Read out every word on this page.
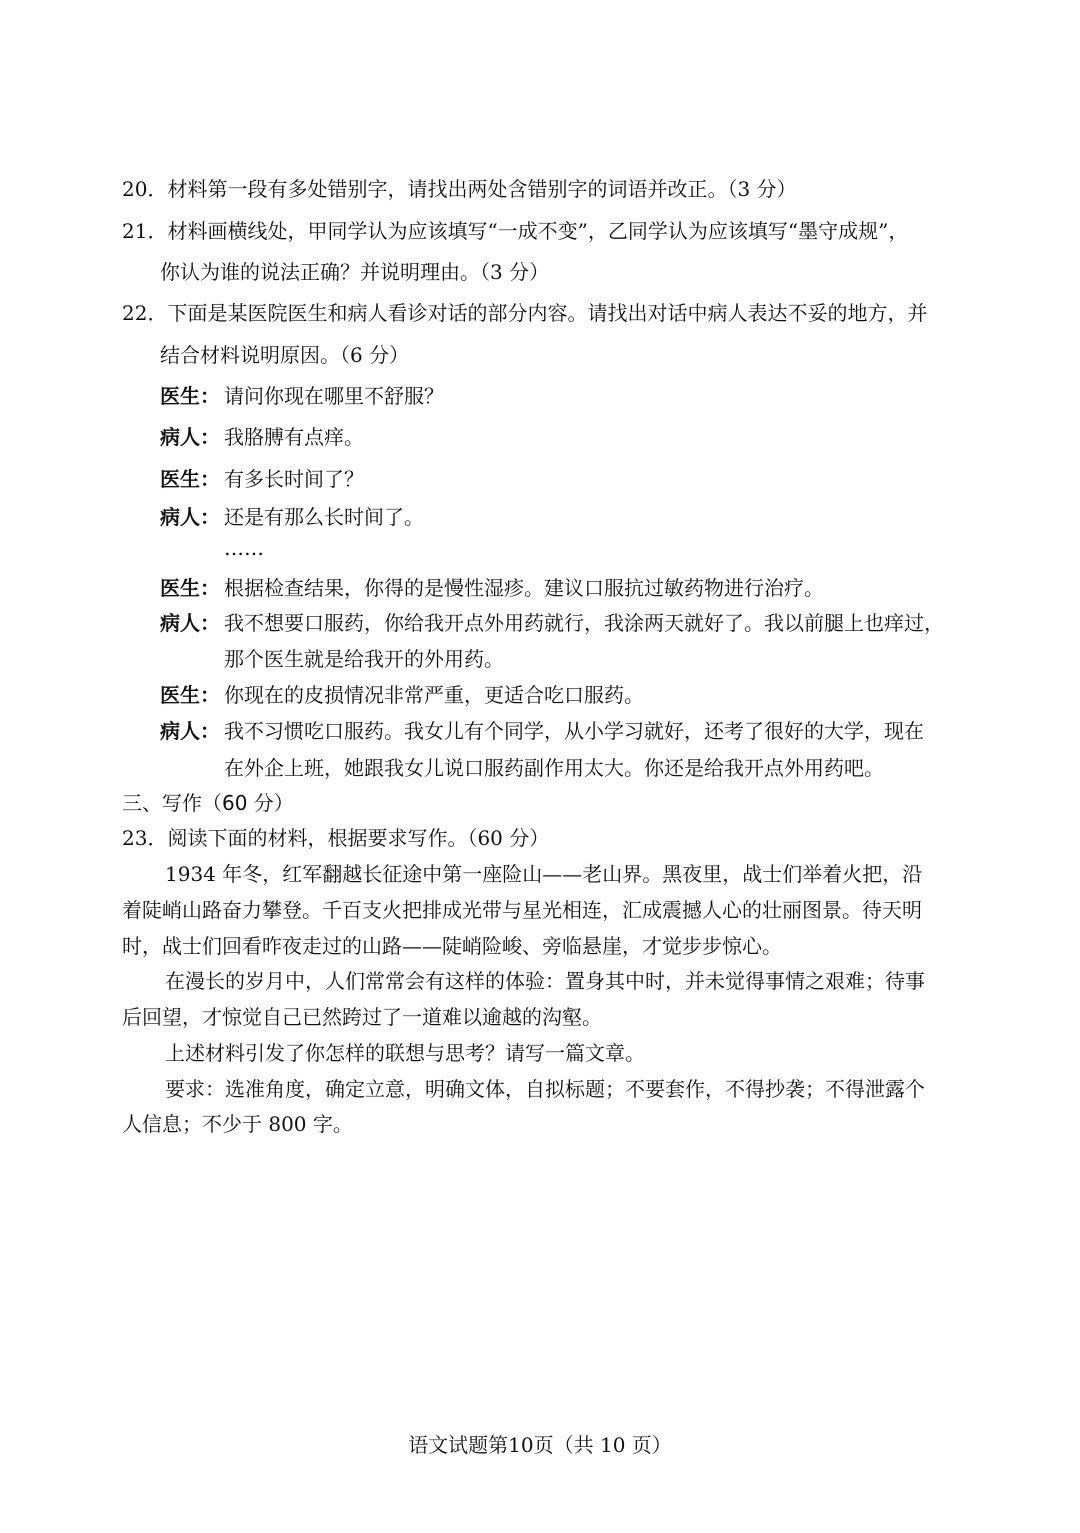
20．材料第一段有多处错别字，请找出两处含错别字的词语并改正。（3 分）
21．材料画横线处，甲同学认为应该填写“一成不变”，乙同学认为应该填写“墨守成规”，
你认为谁的说法正确？并说明理由。（3 分）
22．下面是某医院医生和病人看诊对话的部分内容。请找出对话中病人表达不妥的地方，并
结合材料说明原因。（6 分）
医生： 请问你现在哪里不舒服？
病人： 我胳膊有点痒。
医生： 有多长时间了？
病人： 还是有那么长时间了。
……
医生： 根据检查结果，你得的是慢性湿疹。建议口服抗过敏药物进行治疗。
病人： 我不想要口服药，你给我开点外用药就行，我涂两天就好了。我以前腿上也痒过，
那个医生就是给我开的外用药。
医生： 你现在的皮损情况非常严重，更适合吃口服药。
病人： 我不习惯吃口服药。我女儿有个同学，从小学习就好，还考了很好的大学，现在
在外企上班，她跟我女儿说口服药副作用太大。你还是给我开点外用药吧。
三、写作（60 分）
23．阅读下面的材料，根据要求写作。（60 分）
1934 年冬，红军翻越长征途中第一座险山——老山界。黑夜里，战士们举着火把，沿
着陡峭山路奋力攀登。千百支火把排成光带与星光相连，汇成震撼人心的壮丽图景。待天明
时，战士们回看昨夜走过的山路——陡峭险峻、旁临悬崖，才觉步步惊心。
在漫长的岁月中，人们常常会有这样的体验：置身其中时，并未觉得事情之艰难；待事
后回望，才惊觉自己已然跨过了一道难以逾越的沟壑。
上述材料引发了你怎样的联想与思考？请写一篇文章。
要求：选准角度，确定立意，明确文体，自拟标题；不要套作，不得抄袭；不得泄露个
人信息；不少于 800 字。
语文试题第10页（共 10 页）
